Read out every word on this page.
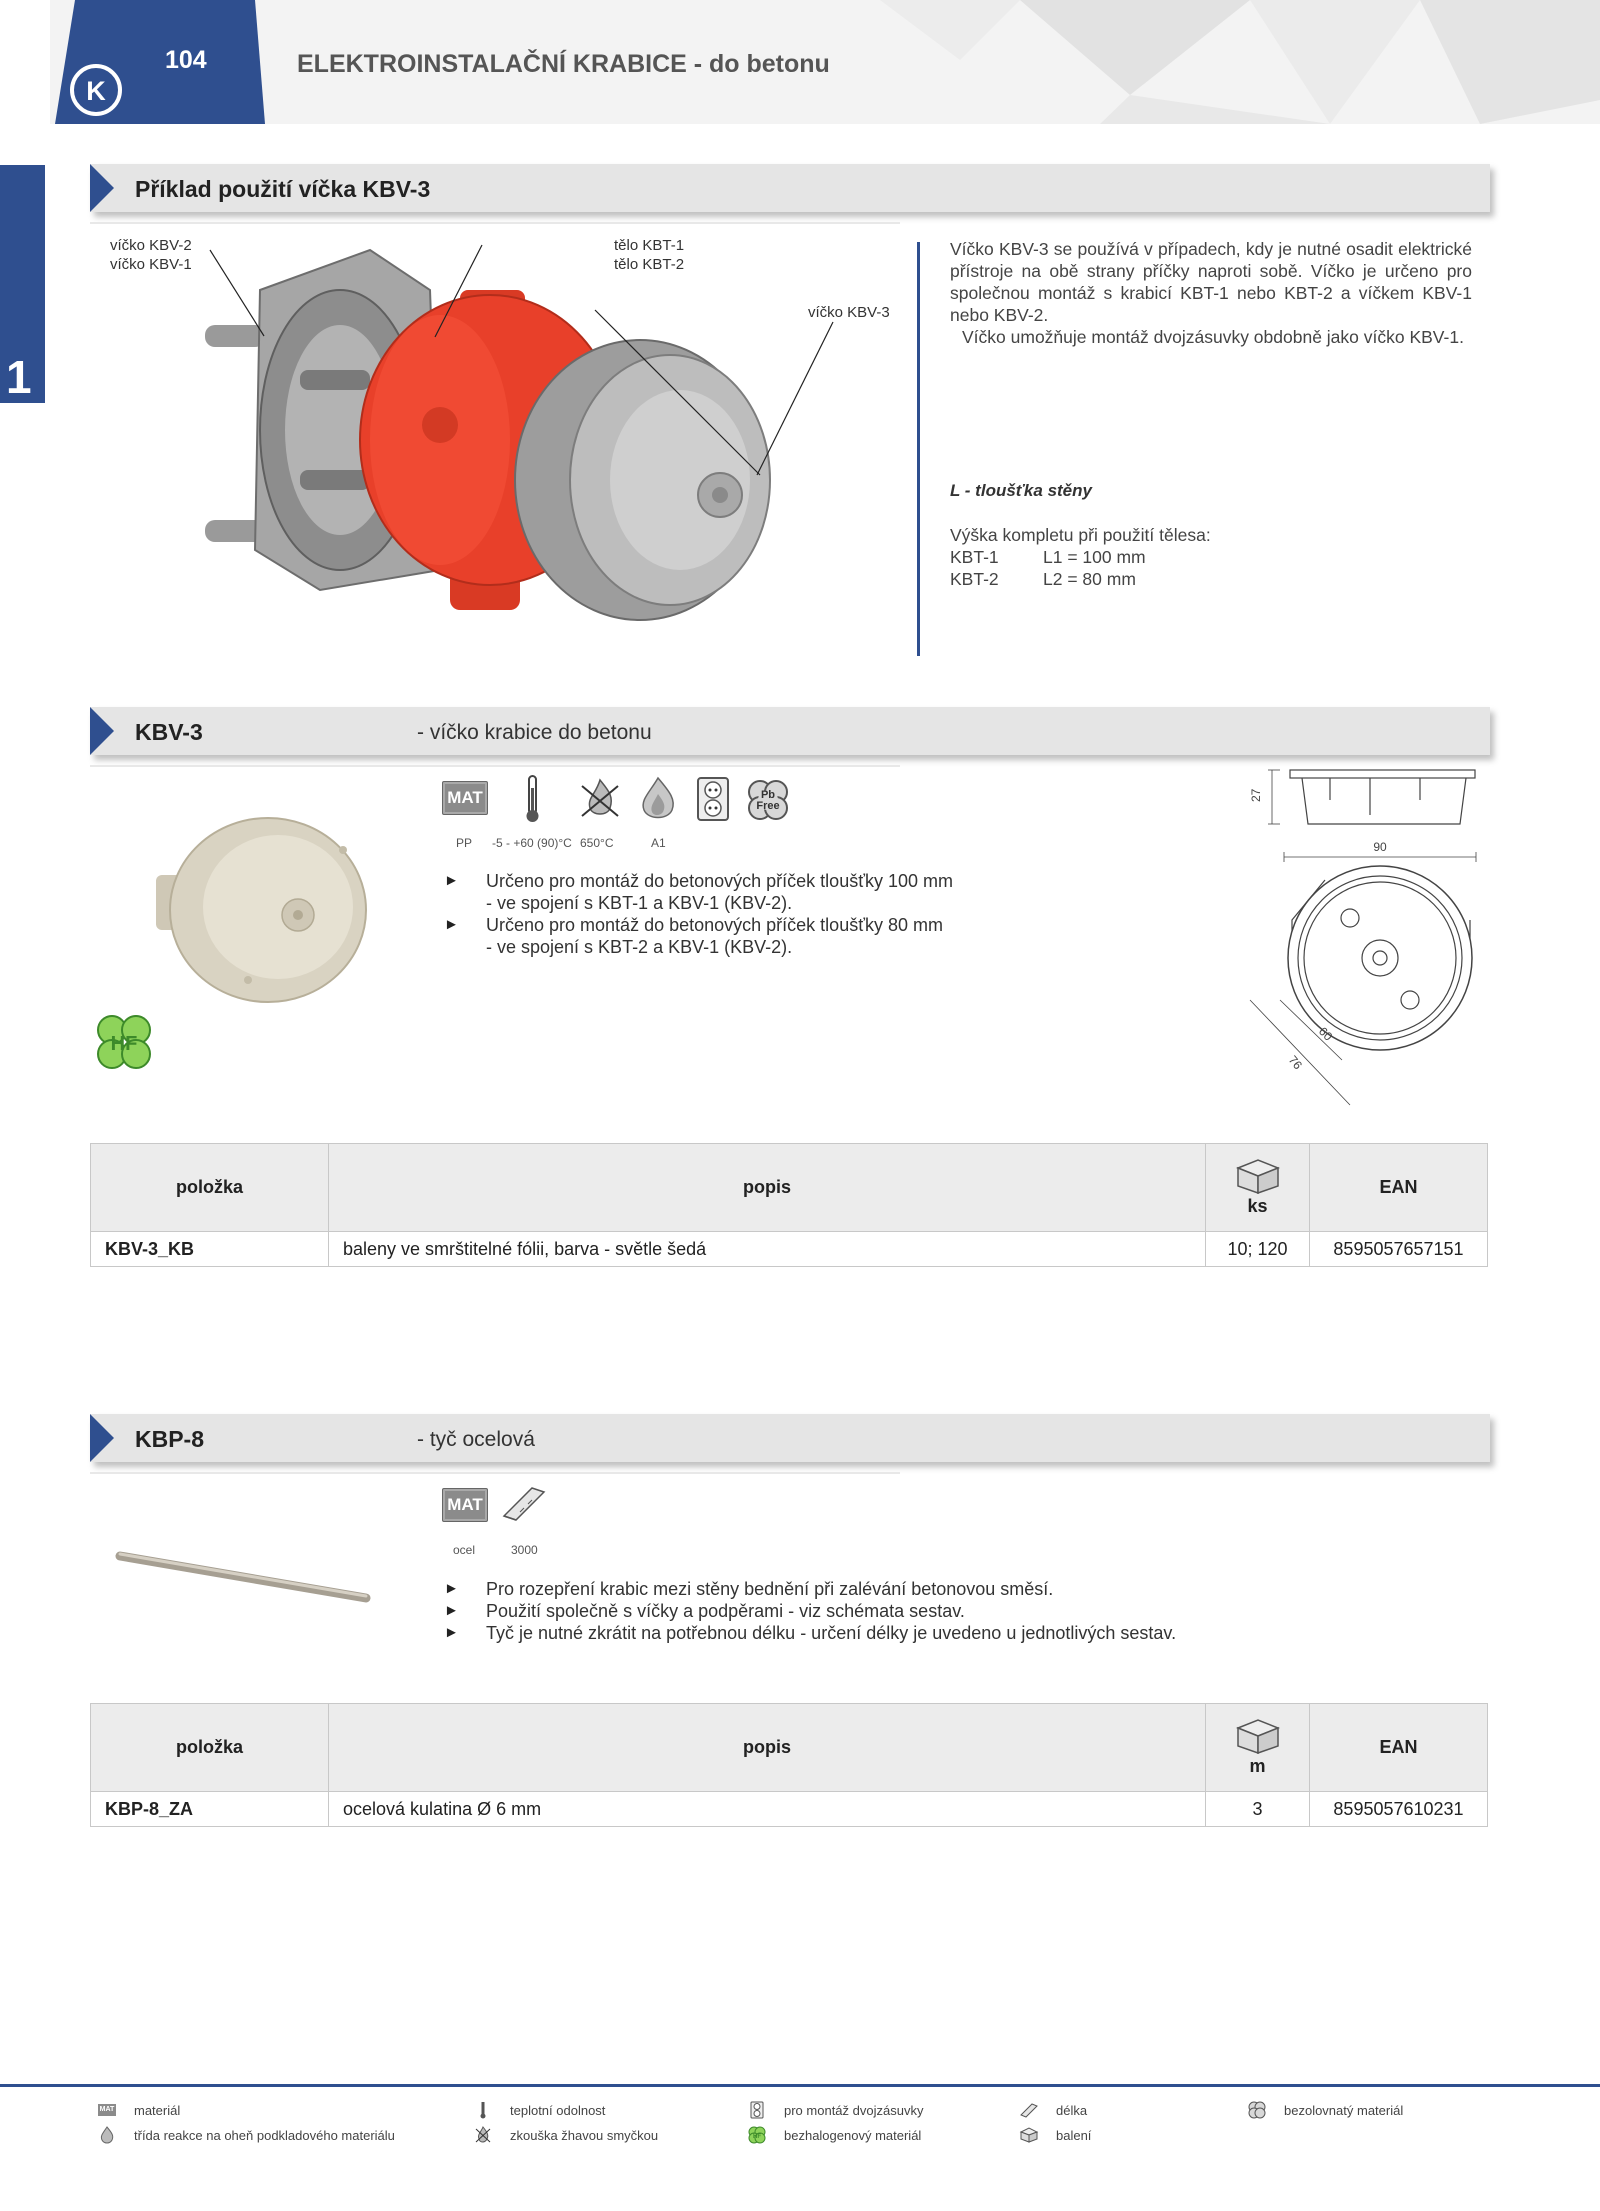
K
104	ELEKTROINSTALAČNÍ KRABICE - do betonu
1
Příklad použití víčka KBV-3
víčko KBV-2
víčko KBV-1
tělo KBT-1
tělo KBT-2
víčko KBV-3
Víčko KBV-3 se používá v případech, kdy je nutné osadit elektrické přístroje na obě strany příčky naproti sobě. Víčko je určeno pro společnou montáž s krabicí KBT-1 nebo KBT-2 a víčkem KBV-1 nebo KBV-2.
Víčko umožňuje montáž dvojzásuvky obdobně jako víčko KBV-1.
L - tloušťka stěny
Výška kompletu při použití tělesa:
KBT-1	L1 = 100 mm
KBT-2	L2 = 80 mm
KBV-3	- víčko krabice do betonu
HF
MAT	Pb
Free
PP -5 - +60 (90)°C 650°C	A1
► Určeno pro montáž do betonových příček tloušťky 100 mm
- ve spojení s KBT-1 a KBV-1 (KBV-2).
► Určeno pro montáž do betonových příček tloušťky 80 mm
- ve spojení s KBT-2 a KBV-1 (KBV-2).
27
90
60
76
položka	popis	ks	EAN
KBV-3_KB	baleny ve smrštitelné fólii, barva - světle šedá	10; 120	8595057657151
KBP-8	- tyč ocelová
MAT
ocel	3000
► Pro rozepření krabic mezi stěny bednění při zalévání betonovou směsí.
► Použití společně s víčky a podpěrami - viz schémata sestav.
► Tyč je nutné zkrátit na potřebnou délku - určení délky je uvedeno u jednotlivých sestav.
položka	popis	m	EAN
KBP-8_ZA	ocelová kulatina Ø 6 mm	3	8595057610231
MAT materiál
třída reakce na oheň podkladového materiálu
teplotní odolnost
zkouška žhavou smyčkou
pro montáž dvojzásuvky
HF bezhalogenový materiál
délka
balení
bezolovnatý materiál
